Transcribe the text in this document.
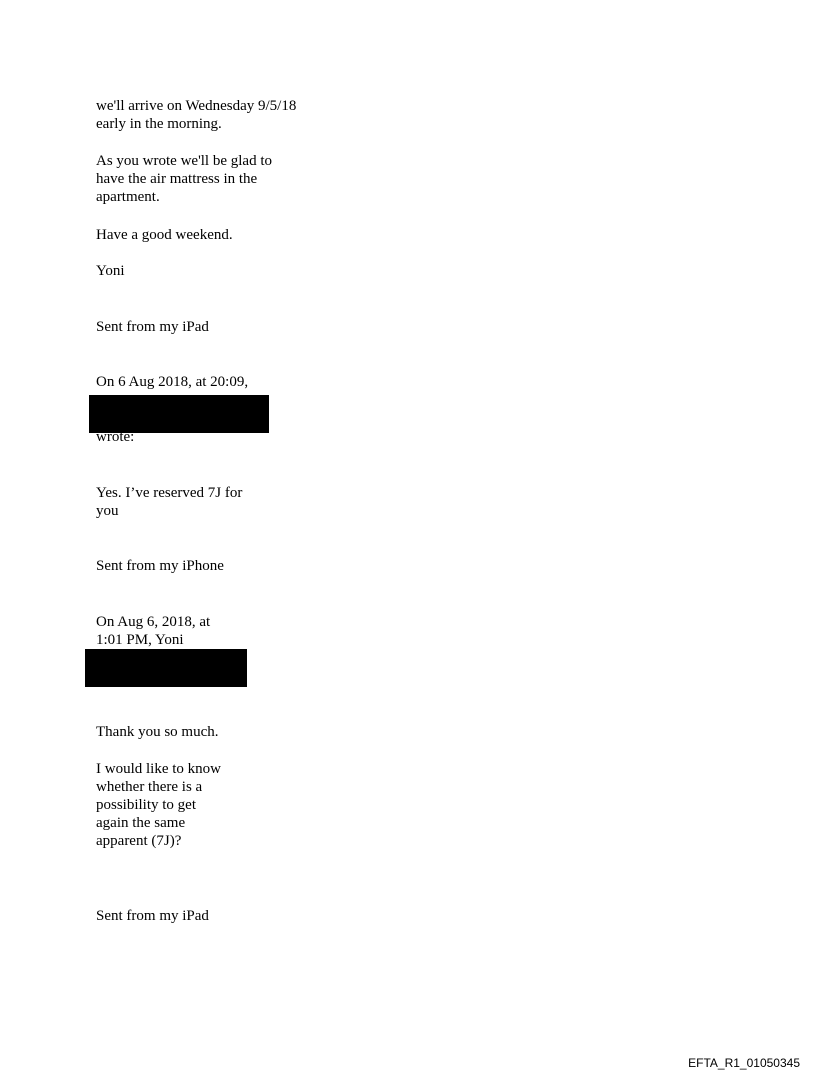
we'll arrive on Wednesday 9/5/18
early in the morning.
As you wrote we'll be glad to
have the air mattress in the
apartment.
Have a good weekend.
Yoni
Sent from my iPad
On 6 Aug 2018, at 20:09,
wrote:
Yes. I’ve reserved 7J for
you
Sent from my iPhone
On Aug 6, 2018, at
1:01 PM, Yoni
Thank you so much.
I would like to know
whether there is a
possibility to get
again the same
apparent (7J)?
Sent from my iPad
EFTA_R1_01050345
